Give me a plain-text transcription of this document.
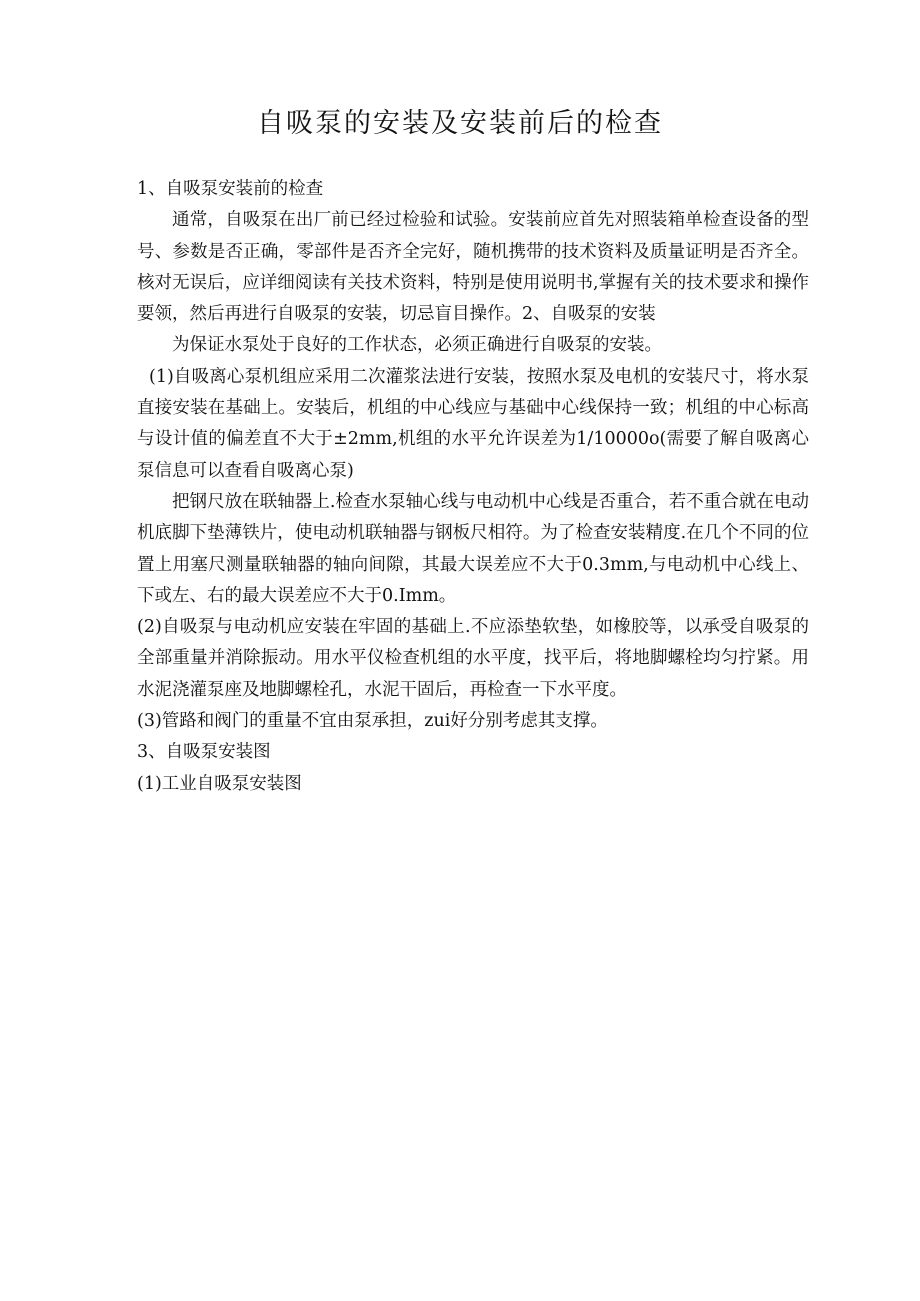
自吸泵的安装及安装前后的检查

1、自吸泵安装前的检查

通常，自吸泵在出厂前已经过检验和试验。安装前应首先对照装箱单检查设备的型号、参数是否正确，零部件是否齐全完好，随机携带的技术资料及质量证明是否齐全。核对无误后，应详细阅读有关技术资料，特别是使用说明书,掌握有关的技术要求和操作要领，然后再进行自吸泵的安装，切忌盲目操作。2、自吸泵的安装

为保证水泵处于良好的工作状态，必须正确进行自吸泵的安装。

(1)自吸离心泵机组应采用二次灌浆法进行安装，按照水泵及电机的安装尺寸，将水泵直接安装在基础上。安装后，机组的中心线应与基础中心线保持一致；机组的中心标高与设计值的偏差直不大于±2mm,机组的水平允许误差为1/10000o(需要了解自吸离心泵信息可以查看自吸离心泵)

把钢尺放在联轴器上.检查水泵轴心线与电动机中心线是否重合，若不重合就在电动机底脚下垫薄铁片，使电动机联轴器与钢板尺相符。为了检查安装精度.在几个不同的位置上用塞尺测量联轴器的轴向间隙，其最大误差应不大于0.3mm,与电动机中心线上、下或左、右的最大误差应不大于0.Imm。

(2)自吸泵与电动机应安装在牢固的基础上.不应添垫软垫，如橡胶等，以承受自吸泵的全部重量并消除振动。用水平仪检查机组的水平度，找平后，将地脚螺栓均匀拧紧。用水泥浇灌泵座及地脚螺栓孔，水泥干固后，再检查一下水平度。

(3)管路和阀门的重量不宜由泵承担，zui好分别考虑其支撑。

3、自吸泵安装图

(1)工业自吸泵安装图
